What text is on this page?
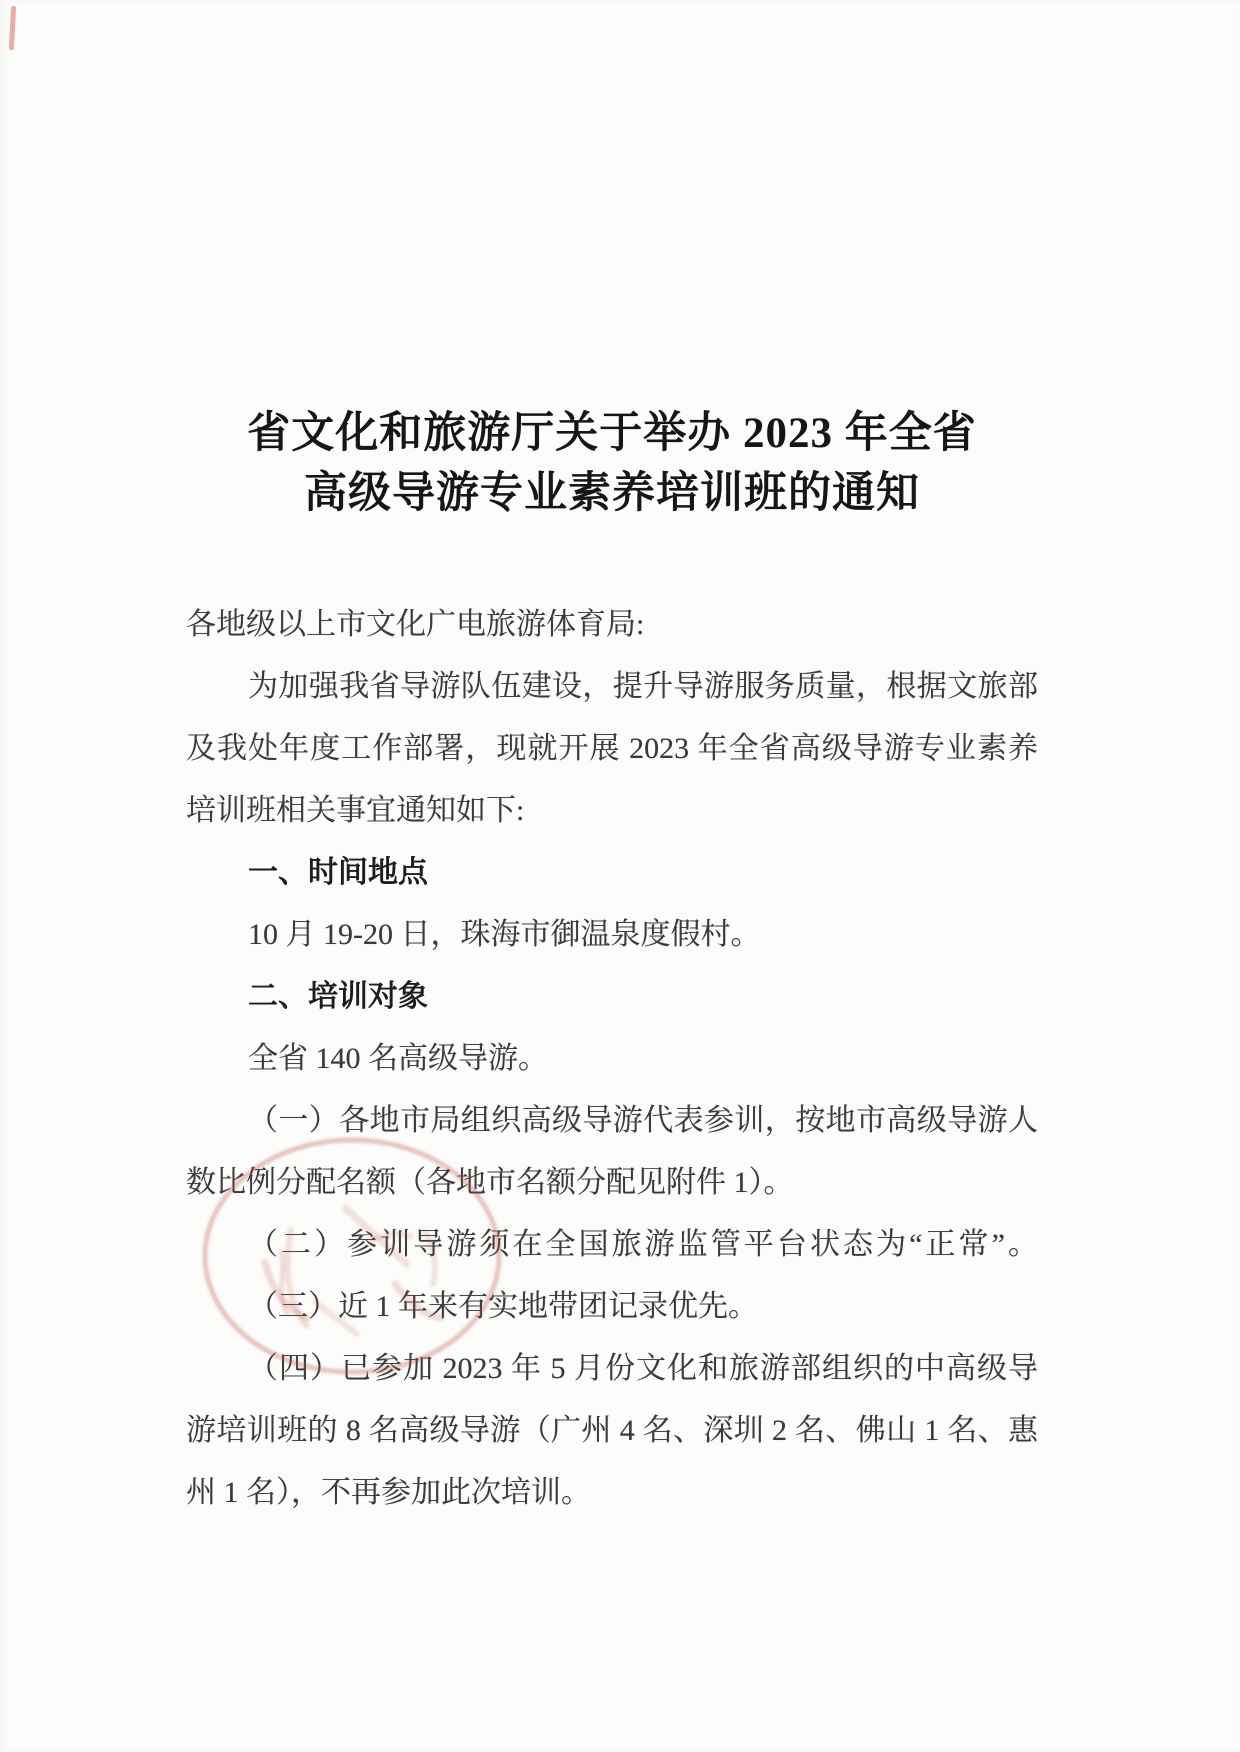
省文化和旅游厅关于举办 2023 年全省
高级导游专业素养培训班的通知
各地级以上市文化广电旅游体育局:
为加强我省导游队伍建设，提升导游服务质量，根据文旅部
及我处年度工作部署，现就开展 2023 年全省高级导游专业素养
培训班相关事宜通知如下:
一、时间地点
10 月 19-20 日，珠海市御温泉度假村。
二、培训对象
全省 140 名高级导游。
（一）各地市局组织高级导游代表参训，按地市高级导游人
数比例分配名额（各地市名额分配见附件 1）。
（二）参训导游须在全国旅游监管平台状态为“正常”。
（三）近 1 年来有实地带团记录优先。
（四）已参加 2023 年 5 月份文化和旅游部组织的中高级导
游培训班的 8 名高级导游（广州 4 名、深圳 2 名、佛山 1 名、惠
州 1 名），不再参加此次培训。
